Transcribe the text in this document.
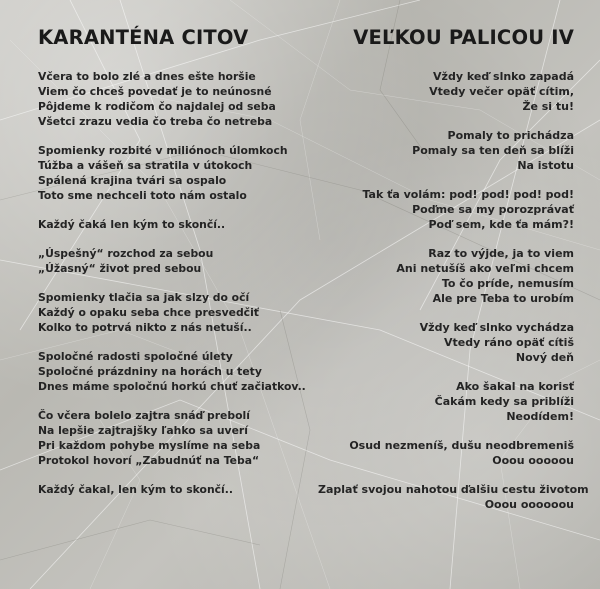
KARANTÉNA CITOV
Včera to bolo zlé a dnes ešte horšie
Viem čo chceš povedať je to neúnosné
Pôjdeme k rodičom čo najdalej od seba
Všetci zrazu vedia čo treba čo netreba
Spomienky rozbité v miliónoch úlomkoch
Túžba a vášeň sa stratila v útokoch
Spálená krajina tvári sa ospalo
Toto sme nechceli toto nám ostalo
Každý čaká len kým to skončí..
„Úspešný“ rozchod za sebou
„Úžasný“ život pred sebou
Spomienky tlačia sa jak slzy do očí
Každý o opaku seba chce presvedčiť
Kolko to potrvá nikto z nás netuší..
Spoločné radosti spoločné úlety
Spoločné prázdniny na horách u tety
Dnes máme spoločnú horkú chuť začiatkov..
Čo včera bolelo zajtra snáď prebolí
Na lepšie zajtrajšky ľahko sa uverí
Pri každom pohybe myslíme na seba
Protokol hovorí „Zabudnúť na Teba“
Každý čakal, len kým to skončí..
VEĽKOU PALICOU IV
Vždy keď slnko zapadá
Vtedy večer opäť cítim,
Že si tu!
Pomaly to prichádza
Pomaly sa ten deň sa blíži
Na istotu
Tak ťa volám: pod! pod! pod! pod!
Poďme sa my porozprávať
Poď sem, kde ťa mám?!
Raz to výjde, ja to viem
Ani netušíš ako veľmi chcem
To čo príde, nemusím
Ale pre Teba to urobím
Vždy keď slnko vychádza
Vtedy ráno opäť cítiš
Nový deň
Ako šakal na korisť
Čakám kedy sa priblíži
Neodídem!
Osud nezmeníš, dušu neodbremeniš
Ooou ooooou
Zaplať svojou nahotou ďalšiu cestu životom
Ooou oooooou
